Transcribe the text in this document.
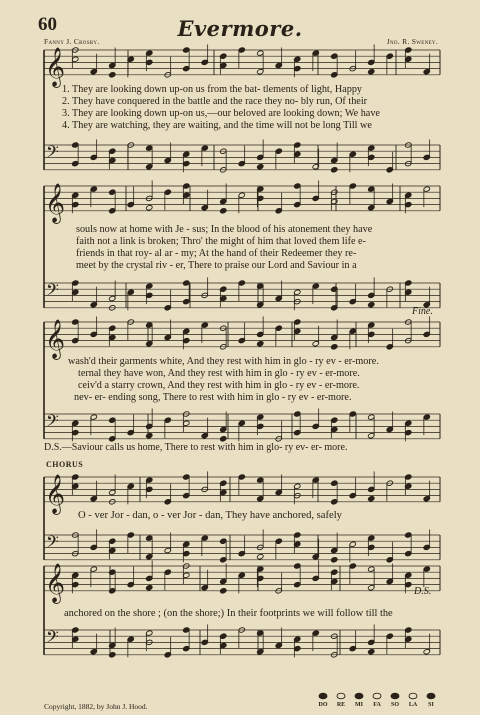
60	Evermore.
Fanny J. Crosby.	Jno. R. Sweney.
𝄞
𝄢
𝄞
𝄢
𝄞
𝄢
𝄞
𝄢
𝄞
𝄢
1. They are looking down up-on us from the bat- tlements of light, Happy
2. They have conquered in the battle and the race they no- bly run, Of their
3. They are looking down up-on us,—our beloved are looking down; We have
4. They are watching, they are waiting, and the time will not be long Till we
souls now at home with Je - sus; In the blood of his atonement they have
faith not a link is broken; Thro' the might of him that loved them life e-
friends in that roy- al ar - my; At the hand of their Redeemer they re-
meet by the crystal riv - er, There to praise our Lord and Saviour in a
Fine.
wash'd their garments white, And they rest with him in glo - ry ev - er-more.
ternal they have won, And they rest with him in glo - ry ev - er-more.
ceiv'd a starry crown, And they rest with him in glo - ry ev - er-more.
nev- er- ending song, There to rest with him in glo - ry ev - er-more.
D.S.—Saviour calls us home, There to rest with him in glo- ry ev- er- more.
CHORUS
O - ver Jor - dan, o - ver Jor - dan, They have anchored, safely
D.S.
anchored on the shore ; (on the shore;) In their footprints we will follow till the
Copyright, 1882, by John J. Hood.	DO RE MI FA SO LA SI
